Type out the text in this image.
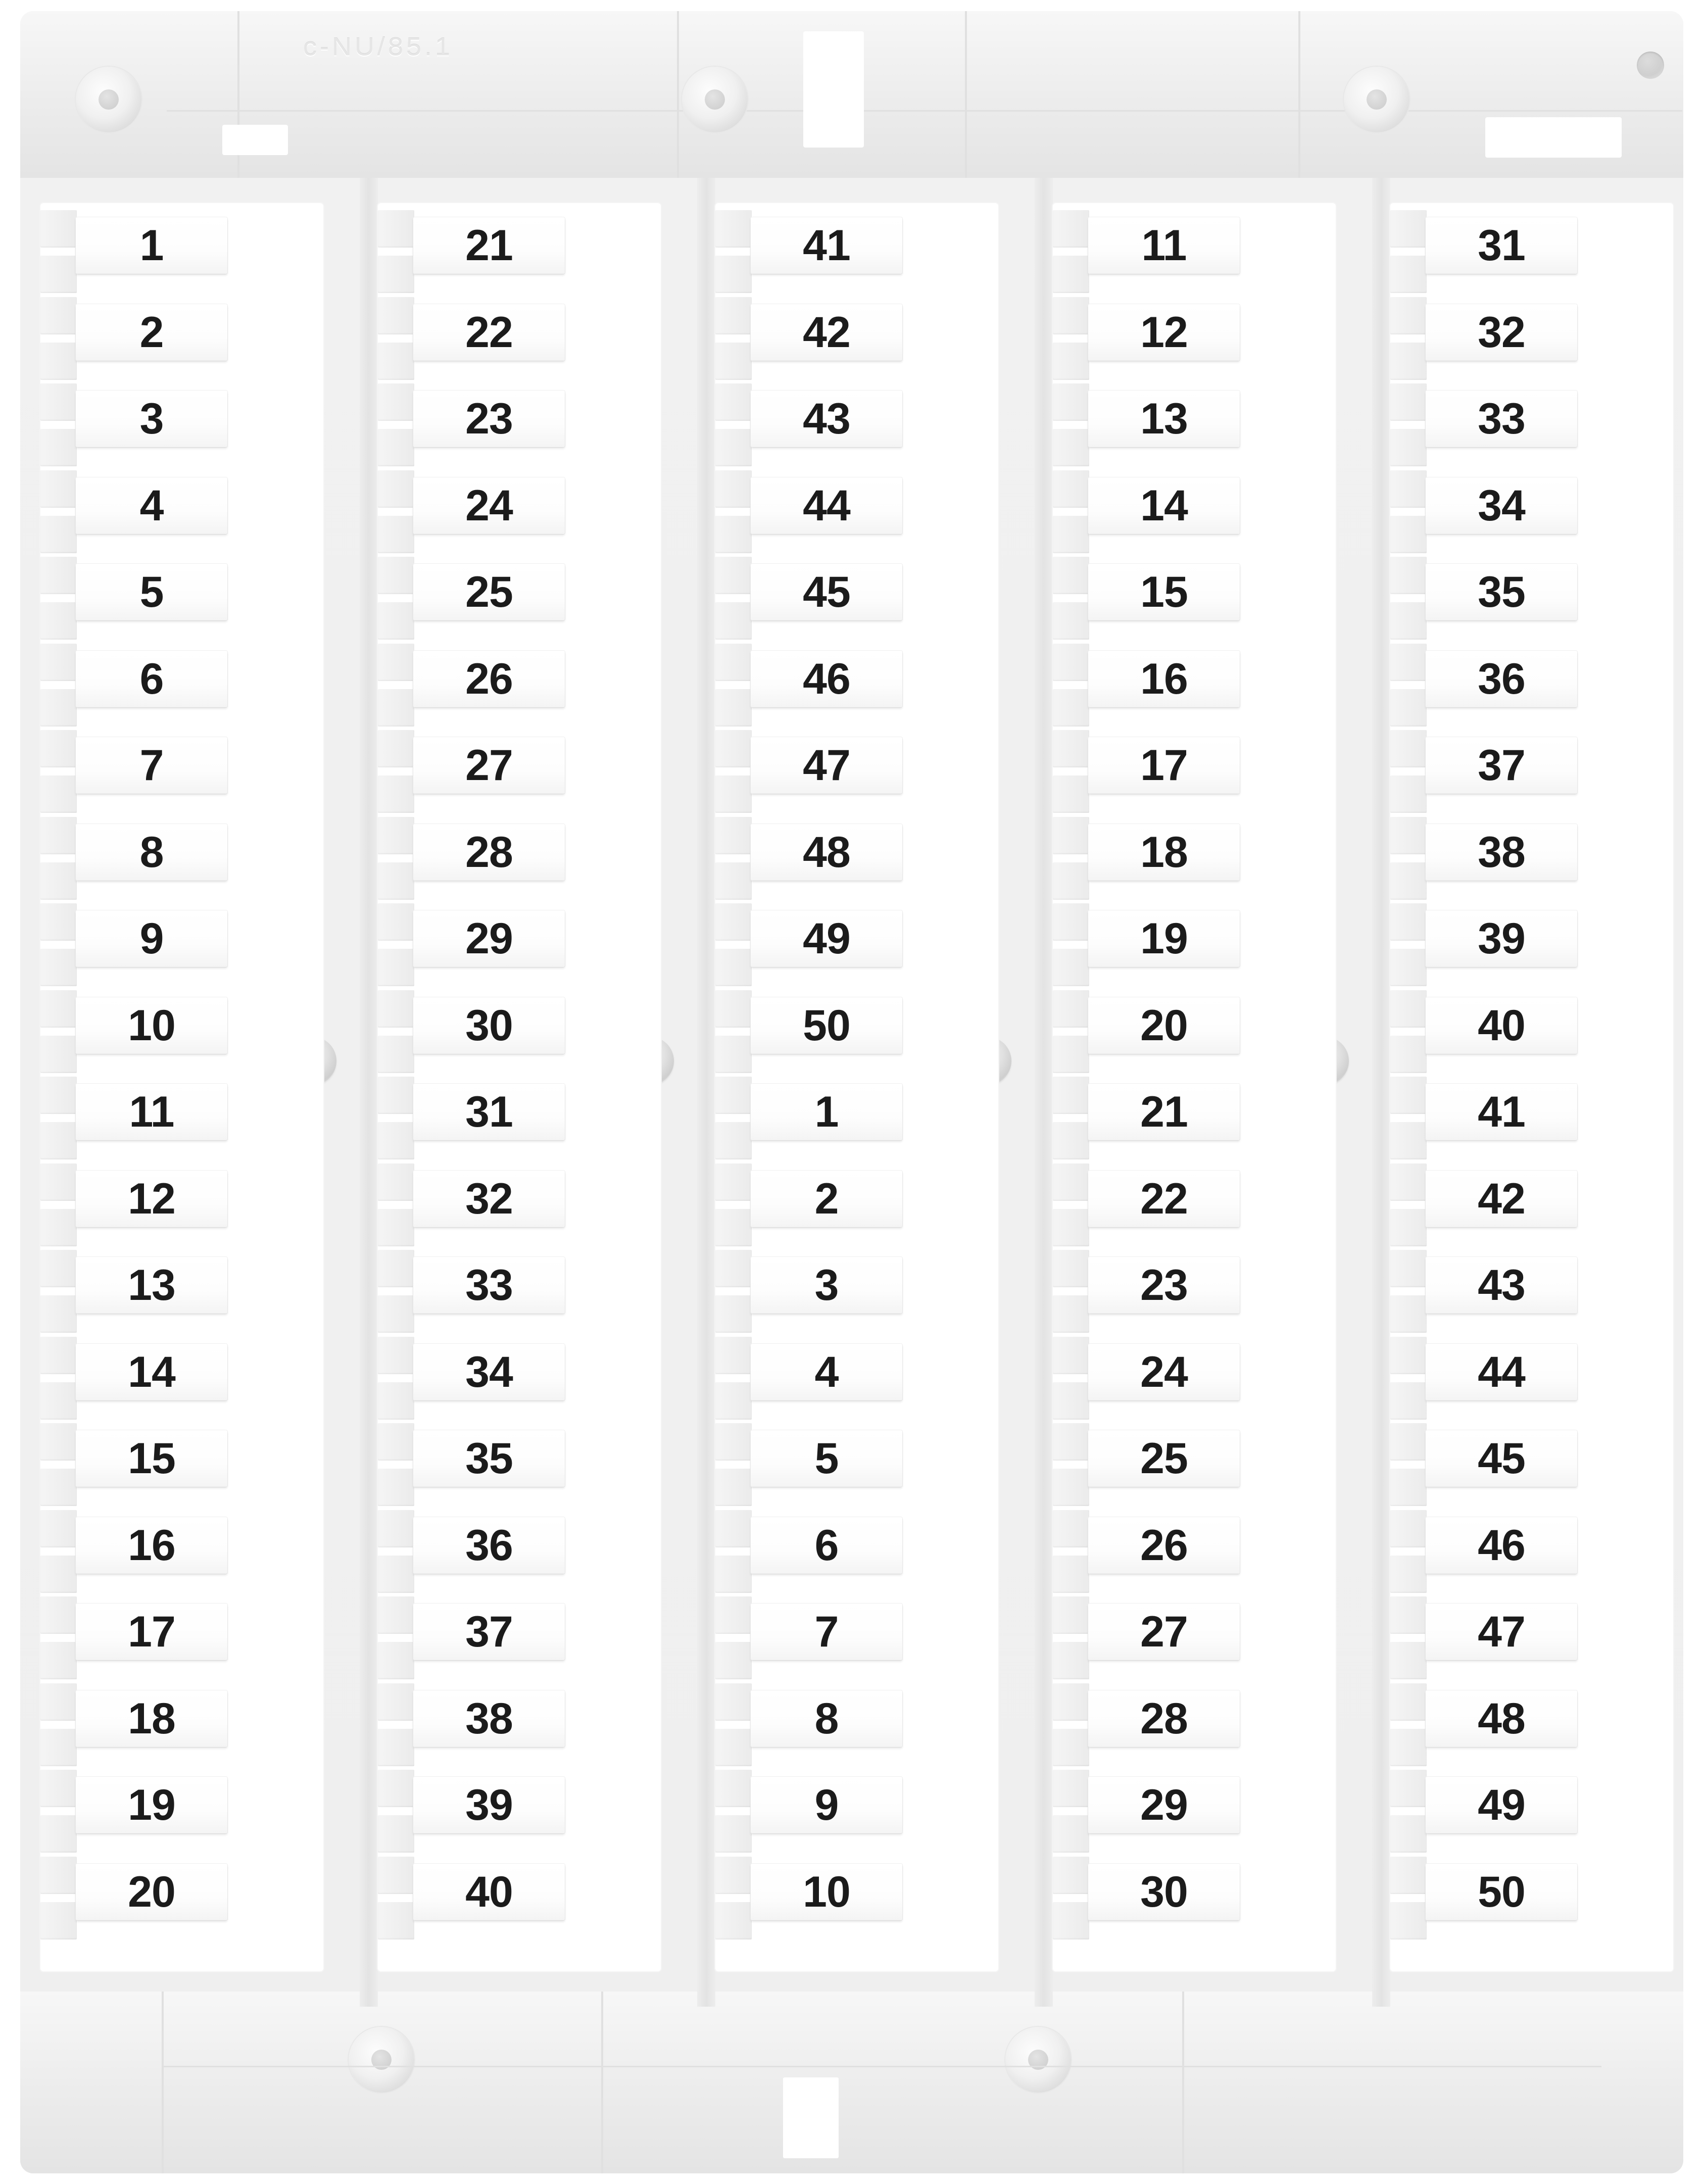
c-NU/85.1
1
2
3
4
5
6
7
8
9
10
11
12
13
14
15
16
17
18
19
20
21
22
23
24
25
26
27
28
29
30
31
32
33
34
35
36
37
38
39
40
41
42
43
44
45
46
47
48
49
50
1
2
3
4
5
6
7
8
9
10
11
12
13
14
15
16
17
18
19
20
21
22
23
24
25
26
27
28
29
30
31
32
33
34
35
36
37
38
39
40
41
42
43
44
45
46
47
48
49
50
